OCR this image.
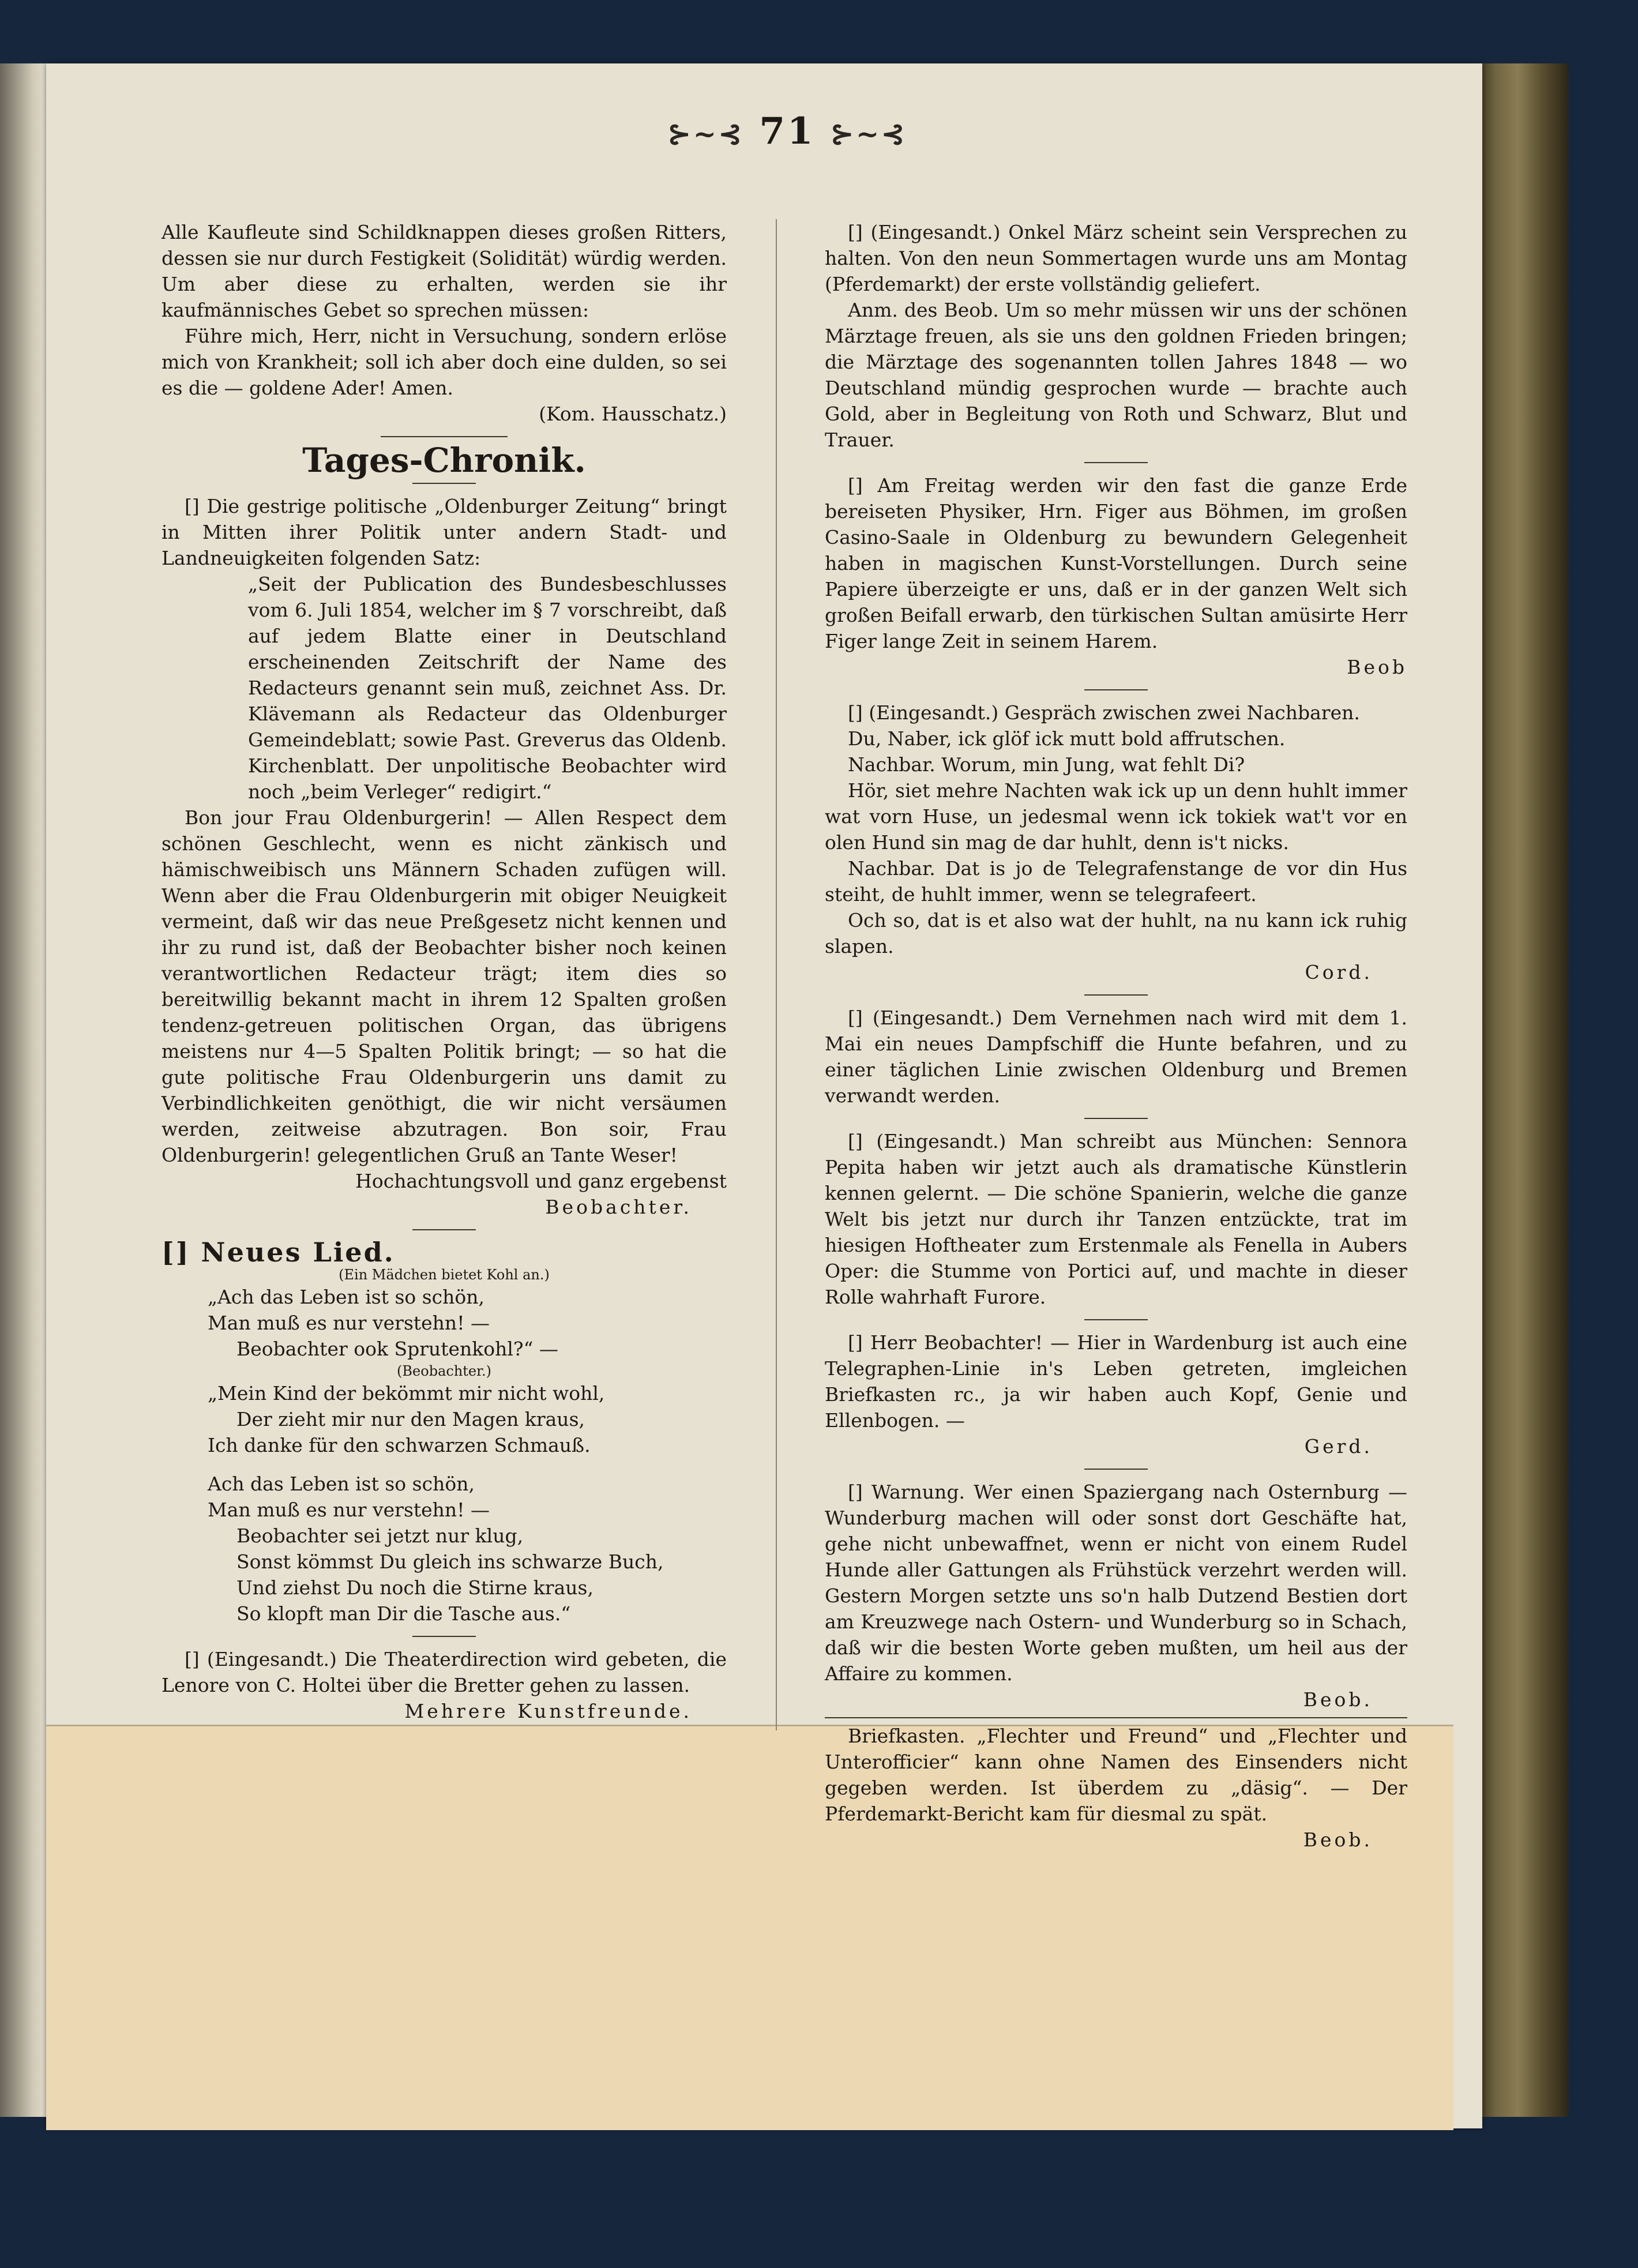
⊱~⊰ 71 ⊱~⊰

Alle Kaufleute sind Schildknappen dieses großen Ritters, dessen sie nur durch Festigkeit (Solidität) würdig werden. Um aber diese zu erhalten, werden sie ihr kaufmännisches Gebet so sprechen müssen:

Führe mich, Herr, nicht in Versuchung, sondern erlöse mich von Krankheit; soll ich aber doch eine dulden, so sei es die — goldene Ader! Amen.

(Kom. Hausschatz.)

Tages-Chronik.

[] Die gestrige politische „Oldenburger Zeitung“ bringt in Mitten ihrer Politik unter andern Stadt- und Landneuigkeiten folgenden Satz:

„Seit der Publication des Bundesbeschlusses vom 6. Juli 1854, welcher im § 7 vorschreibt, daß auf jedem Blatte einer in Deutschland erscheinenden Zeitschrift der Name des Redacteurs genannt sein muß, zeichnet Ass. Dr. Klävemann als Redacteur das Oldenburger Gemeindeblatt; sowie Past. Greverus das Oldenb. Kirchenblatt. Der unpolitische Beobachter wird noch „beim Verleger“ redigirt.“

Bon jour Frau Oldenburgerin! — Allen Respect dem schönen Geschlecht, wenn es nicht zänkisch und hämischweibisch uns Männern Schaden zufügen will. Wenn aber die Frau Oldenburgerin mit obiger Neuigkeit vermeint, daß wir das neue Preßgesetz nicht kennen und ihr zu rund ist, daß der Beobachter bisher noch keinen verantwortlichen Redacteur trägt; item dies so bereitwillig bekannt macht in ihrem 12 Spalten großen tendenz-getreuen politischen Organ, das übrigens meistens nur 4—5 Spalten Politik bringt; — so hat die gute politische Frau Oldenburgerin uns damit zu Verbindlichkeiten genöthigt, die wir nicht versäumen werden, zeitweise abzutragen. Bon soir, Frau Oldenburgerin! gelegentlichen Gruß an Tante Weser!

Hochachtungsvoll und ganz ergebenst

Beobachter.

[] Neues Lied.

(Ein Mädchen bietet Kohl an.)

„Ach das Leben ist so schön,

Man muß es nur verstehn! —

Beobachter ook Sprutenkohl?“ —

(Beobachter.)

„Mein Kind der bekömmt mir nicht wohl,

Der zieht mir nur den Magen kraus,

Ich danke für den schwarzen Schmauß.

Ach das Leben ist so schön,

Man muß es nur verstehn! —

Beobachter sei jetzt nur klug,

Sonst kömmst Du gleich ins schwarze Buch,

Und ziehst Du noch die Stirne kraus,

So klopft man Dir die Tasche aus.“

[] (Eingesandt.) Die Theaterdirection wird gebeten, die Lenore von C. Holtei über die Bretter gehen zu lassen.

Mehrere Kunstfreunde.

[] (Eingesandt.) Onkel März scheint sein Versprechen zu halten. Von den neun Sommertagen wurde uns am Montag (Pferdemarkt) der erste vollständig geliefert.

Anm. des Beob. Um so mehr müssen wir uns der schönen Märztage freuen, als sie uns den goldnen Frieden bringen; die Märztage des sogenannten tollen Jahres 1848 — wo Deutschland mündig gesprochen wurde — brachte auch Gold, aber in Begleitung von Roth und Schwarz, Blut und Trauer.

[] Am Freitag werden wir den fast die ganze Erde bereiseten Physiker, Hrn. Figer aus Böhmen, im großen Casino-Saale in Oldenburg zu bewundern Gelegenheit haben in magischen Kunst-Vorstellungen. Durch seine Papiere überzeigte er uns, daß er in der ganzen Welt sich großen Beifall erwarb, den türkischen Sultan amüsirte Herr Figer lange Zeit in seinem Harem.

Beob

[] (Eingesandt.) Gespräch zwischen zwei Nachbaren.

Du, Naber, ick glöf ick mutt bold affrutschen.

Nachbar. Worum, min Jung, wat fehlt Di?

Hör, siet mehre Nachten wak ick up un denn huhlt immer wat vorn Huse, un jedesmal wenn ick tokiek wat't vor en olen Hund sin mag de dar huhlt, denn is't nicks.

Nachbar. Dat is jo de Telegrafenstange de vor din Hus steiht, de huhlt immer, wenn se telegrafeert.

Och so, dat is et also wat der huhlt, na nu kann ick ruhig slapen.

Cord.

[] (Eingesandt.) Dem Vernehmen nach wird mit dem 1. Mai ein neues Dampfschiff die Hunte befahren, und zu einer täglichen Linie zwischen Oldenburg und Bremen verwandt werden.

[] (Eingesandt.) Man schreibt aus München: Sennora Pepita haben wir jetzt auch als dramatische Künstlerin kennen gelernt. — Die schöne Spanierin, welche die ganze Welt bis jetzt nur durch ihr Tanzen entzückte, trat im hiesigen Hoftheater zum Erstenmale als Fenella in Aubers Oper: die Stumme von Portici auf, und machte in dieser Rolle wahrhaft Furore.

[] Herr Beobachter! — Hier in Wardenburg ist auch eine Telegraphen-Linie in's Leben getreten, imgleichen Briefkasten rc., ja wir haben auch Kopf, Genie und Ellenbogen. —

Gerd.

[] Warnung. Wer einen Spaziergang nach Osternburg — Wunderburg machen will oder sonst dort Geschäfte hat, gehe nicht unbewaffnet, wenn er nicht von einem Rudel Hunde aller Gattungen als Frühstück verzehrt werden will. Gestern Morgen setzte uns so'n halb Dutzend Bestien dort am Kreuzwege nach Ostern- und Wunderburg so in Schach, daß wir die besten Worte geben mußten, um heil aus der Affaire zu kommen.

Beob.

Briefkasten. „Flechter und Freund“ und „Flechter und Unterofficier“ kann ohne Namen des Einsenders nicht gegeben werden. Ist überdem zu „däsig“. — Der Pferdemarkt-Bericht kam für diesmal zu spät.

Beob.
